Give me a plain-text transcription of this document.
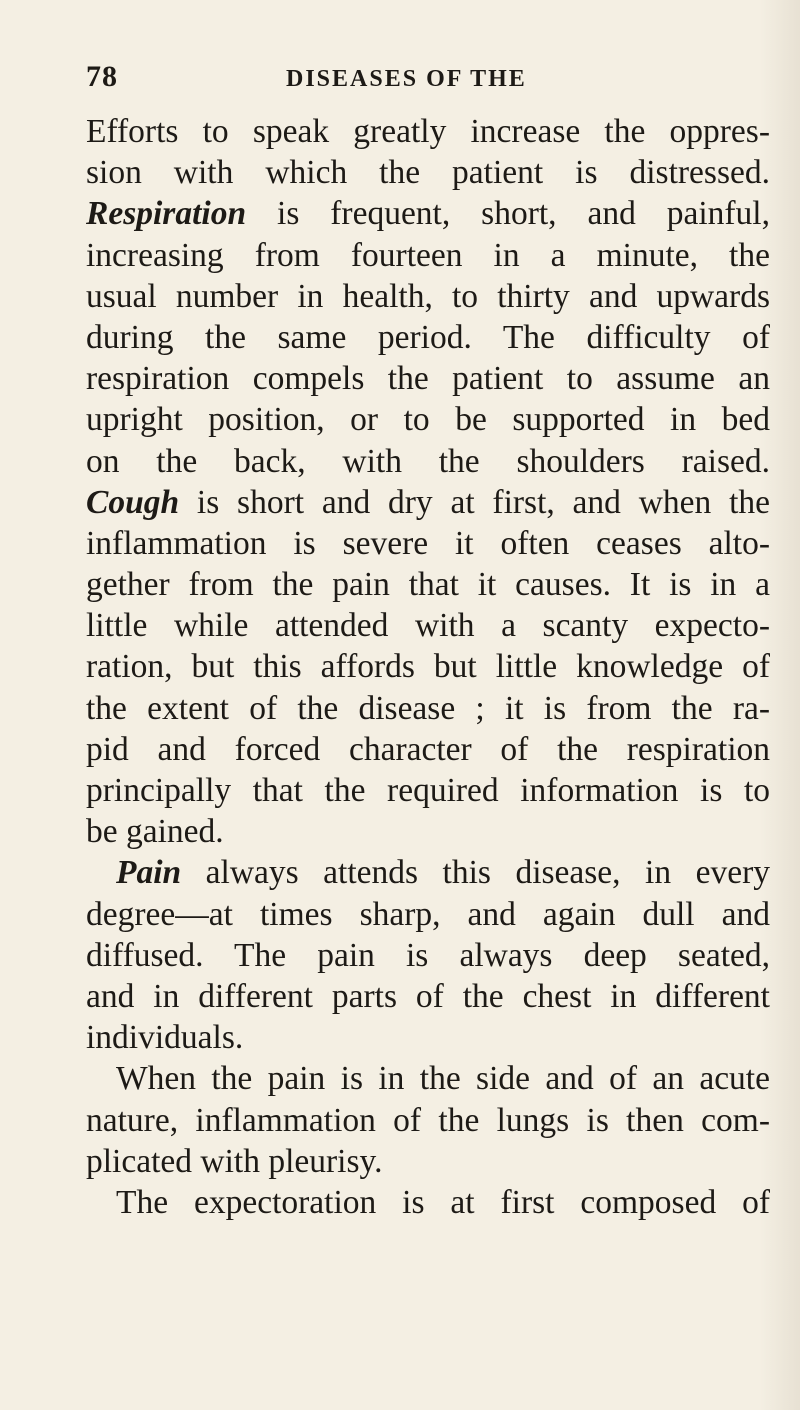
78	DISEASES OF THE
Efforts to speak greatly increase the oppres-
sion with which the patient is distressed.
Respiration is frequent, short, and painful,
increasing from fourteen in a minute, the
usual number in health, to thirty and upwards
during the same period. The difficulty of
respiration compels the patient to assume an
upright position, or to be supported in bed
on the back, with the shoulders raised.
Cough is short and dry at first, and when the
inflammation is severe it often ceases alto-
gether from the pain that it causes. It is in a
little while attended with a scanty expecto-
ration, but this affords but little knowledge of
the extent of the disease ; it is from the ra-
pid and forced character of the respiration
principally that the required information is to
be gained.
Pain always attends this disease, in every
degree—at times sharp, and again dull and
diffused. The pain is always deep seated,
and in different parts of the chest in different
individuals.
When the pain is in the side and of an acute
nature, inflammation of the lungs is then com-
plicated with pleurisy.
The expectoration is at first composed of
